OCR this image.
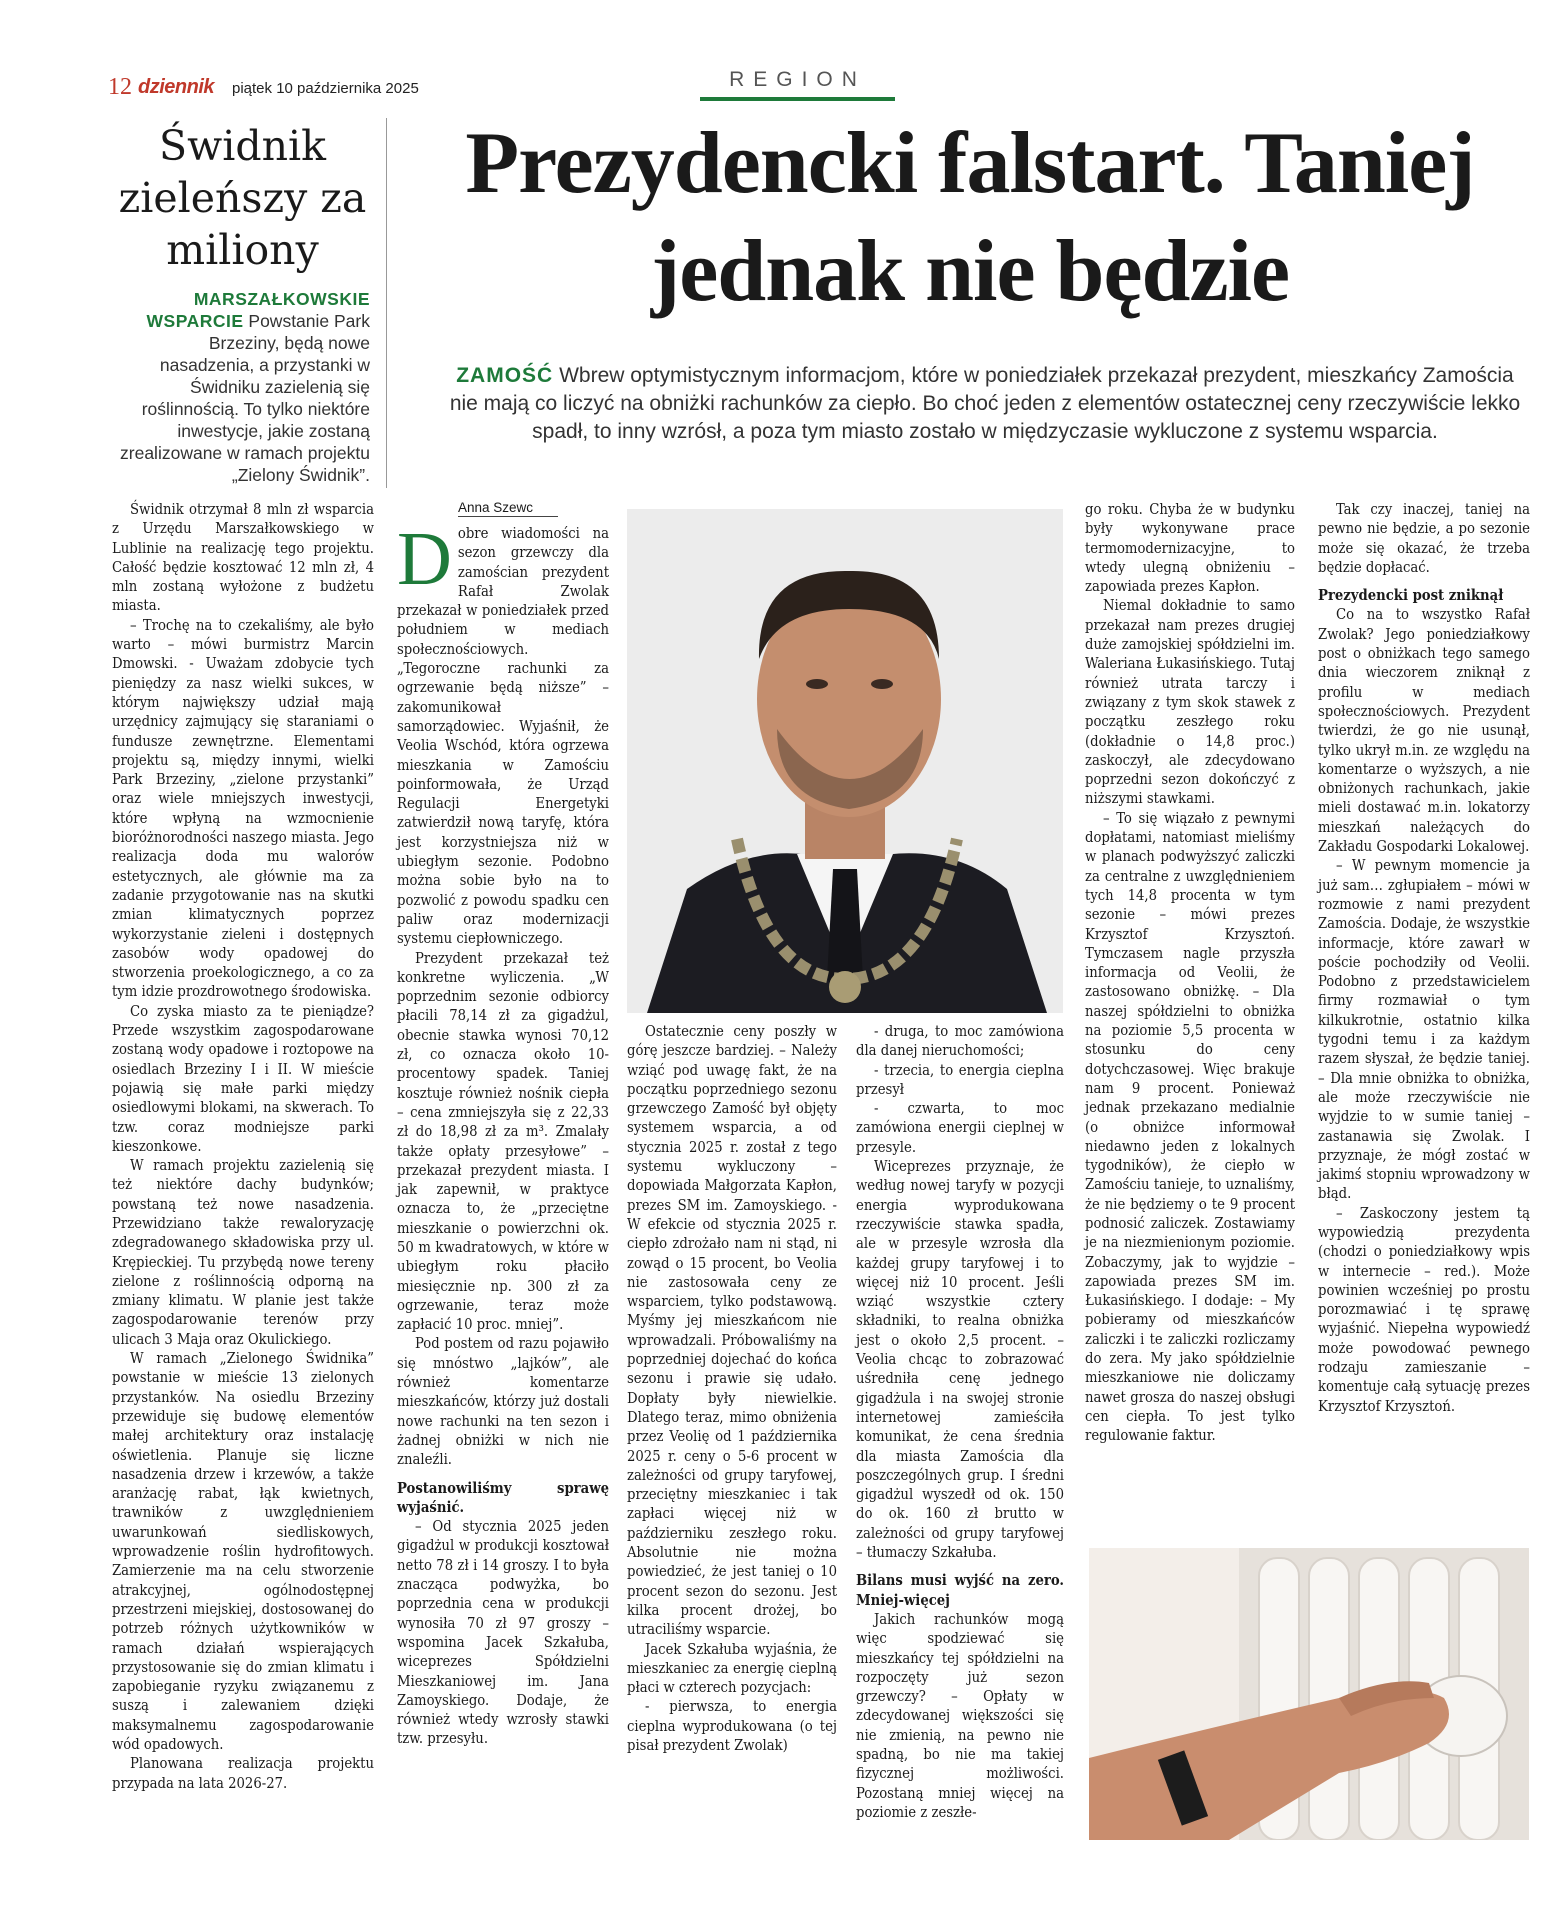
12 dziennik piątek 10 października 2025	REGION
Świdnik zieleńszy za miliony
MARSZAŁKOWSKIE WSPARCIE Powstanie Park Brzeziny, będą nowe nasadzenia, a przystanki w Świdniku zazielenią się roślinnością. To tylko niektóre inwestycje, jakie zostaną zrealizowane w ramach projektu „Zielony Świdnik”.
Prezydencki falstart. Taniej jednak nie będzie
ZAMOŚĆ Wbrew optymistycznym informacjom, które w poniedziałek przekazał prezydent, mieszkańcy Zamościa nie mają co liczyć na obniżki rachunków za ciepło. Bo choć jeden z elementów ostatecznej ceny rzeczywiście lekko spadł, to inny wzrósł, a poza tym miasto zostało w międzyczasie wykluczone z systemu wsparcia.

Świdnik otrzymał 8 mln zł wsparcia z Urzędu Marszałkowskiego w Lublinie na realizację tego projektu. Całość będzie kosztować 12 mln zł, 4 mln zostaną wyłożone z budżetu miasta.

– Trochę na to czekaliśmy, ale było warto – mówi burmistrz Marcin Dmowski. - Uważam zdobycie tych pieniędzy za nasz wielki sukces, w którym największy udział mają urzędnicy zajmujący się staraniami o fundusze zewnętrzne. Elementami projektu są, między innymi, wielki Park Brzeziny, „zielone przystanki” oraz wiele mniejszych inwestycji, które wpłyną na wzmocnienie bioróżnorodności naszego miasta. Jego realizacja doda mu walorów estetycznych, ale głównie ma za zadanie przygotowanie nas na skutki zmian klimatycznych poprzez wykorzystanie zieleni i dostępnych zasobów wody opadowej do stworzenia proekologicznego, a co za tym idzie prozdrowotnego środowiska.

Co zyska miasto za te pieniądze? Przede wszystkim zagospodarowane zostaną wody opadowe i roztopowe na osiedlach Brzeziny I i II. W mieście pojawią się małe parki między osiedlowymi blokami, na skwerach. To tzw. coraz modniejsze parki kieszonkowe.

W ramach projektu zazielenią się też niektóre dachy budynków; powstaną też nowe nasadzenia. Przewidziano także rewaloryzację zdegradowanego składowiska przy ul. Krępieckiej. Tu przybędą nowe tereny zielone z roślinnością odporną na zmiany klimatu. W planie jest także zagospodarowanie terenów przy ulicach 3 Maja oraz Okulickiego.

W ramach „Zielonego Świdnika” powstanie w mieście 13 zielonych przystanków. Na osiedlu Brzeziny przewiduje się budowę elementów małej architektury oraz instalację oświetlenia. Planuje się liczne nasadzenia drzew i krzewów, a także aranżację rabat, łąk kwietnych, trawników z uwzględnieniem uwarunkowań siedliskowych, wprowadzenie roślin hydrofitowych. Zamierzenie ma na celu stworzenie atrakcyjnej, ogólnodostępnej przestrzeni miejskiej, dostosowanej do potrzeb różnych użytkowników w ramach działań wspierających przystosowanie się do zmian klimatu i zapobieganie ryzyku związanemu z suszą i zalewaniem dzięki maksymalnemu zagospodarowanie wód opadowych.

Planowana realizacja projektu przypada na lata 2026-27.

Anna Szewc

Dobre wiadomości na sezon grzewczy dla zamościan prezydent Rafał Zwolak przekazał w poniedziałek przed południem w mediach społecznościowych. „Tegoroczne rachunki za ogrzewanie będą niższe” – zakomunikował samorządowiec. Wyjaśnił, że Veolia Wschód, która ogrzewa mieszkania w Zamościu poinformowała, że Urząd Regulacji Energetyki zatwierdził nową taryfę, która jest korzystniejsza niż w ubiegłym sezonie. Podobno można sobie było na to pozwolić z powodu spadku cen paliw oraz modernizacji systemu ciepłowniczego.

Prezydent przekazał też konkretne wyliczenia. „W poprzednim sezonie odbiorcy płacili 78,14 zł za gigadżul, obecnie stawka wynosi 70,12 zł, co oznacza około 10-procentowy spadek. Taniej kosztuje również nośnik ciepła – cena zmniejszyła się z 22,33 zł do 18,98 zł za m³. Zmalały także opłaty przesyłowe” – przekazał prezydent miasta. I jak zapewnił, w praktyce oznacza to, że „przeciętne mieszkanie o powierzchni ok. 50 m kwadratowych, w które w ubiegłym roku płaciło miesięcznie np. 300 zł za ogrzewanie, teraz może zapłacić 10 proc. mniej”.

Pod postem od razu pojawiło się mnóstwo „lajków”, ale również komentarze mieszkańców, którzy już dostali nowe rachunki na ten sezon i żadnej obniżki w nich nie znaleźli.

Postanowiliśmy sprawę wyjaśnić.

– Od stycznia 2025 jeden gigadżul w produkcji kosztował netto 78 zł i 14 groszy. I to była znacząca podwyżka, bo poprzednia cena w produkcji wynosiła 70 zł 97 groszy – wspomina Jacek Szkałuba, wiceprezes Spółdzielni Mieszkaniowej im. Jana Zamoyskiego. Dodaje, że również wtedy wzrosły stawki tzw. przesyłu.

Ostatecznie ceny poszły w górę jeszcze bardziej. – Należy wziąć pod uwagę fakt, że na początku poprzedniego sezonu grzewczego Zamość był objęty systemem wsparcia, a od stycznia 2025 r. został z tego systemu wykluczony – dopowiada Małgorzata Kapłon, prezes SM im. Zamoyskiego. - W efekcie od stycznia 2025 r. ciepło zdrożało nam ni stąd, ni zowąd o 15 procent, bo Veolia nie zastosowała ceny ze wsparciem, tylko podstawową. Myśmy jej mieszkańcom nie wprowadzali. Próbowaliśmy na poprzedniej dojechać do końca sezonu i prawie się udało. Dopłaty były niewielkie. Dlatego teraz, mimo obniżenia przez Veolię od 1 października 2025 r. ceny o 5-6 procent w zależności od grupy taryfowej, przeciętny mieszkaniec i tak zapłaci więcej niż w październiku zeszłego roku. Absolutnie nie można powiedzieć, że jest taniej o 10 procent sezon do sezonu. Jest kilka procent drożej, bo utraciliśmy wsparcie.

Jacek Szkałuba wyjaśnia, że mieszkaniec za energię cieplną płaci w czterech pozycjach:

- pierwsza, to energia cieplna wyprodukowana (o tej pisał prezydent Zwolak)

- druga, to moc zamówiona dla danej nieruchomości;

- trzecia, to energia cieplna przesył

- czwarta, to moc zamówiona energii cieplnej w przesyle.

Wiceprezes przyznaje, że według nowej taryfy w pozycji energia wyprodukowana rzeczywiście stawka spadła, ale w przesyle wzrosła dla każdej grupy taryfowej i to więcej niż 10 procent. Jeśli wziąć wszystkie cztery składniki, to realna obniżka jest o około 2,5 procent. – Veolia chcąc to zobrazować uśredniła cenę jednego gigadżula i na swojej stronie internetowej zamieściła komunikat, że cena średnia dla miasta Zamościa dla poszczególnych grup. I średni gigadżul wyszedł od ok. 150 do ok. 160 zł brutto w zależności od grupy taryfowej – tłumaczy Szkałuba.

Bilans musi wyjść na zero. Mniej-więcej

Jakich rachunków mogą więc spodziewać się mieszkańcy tej spółdzielni na rozpoczęty już sezon grzewczy? – Opłaty w zdecydowanej większości się nie zmienią, na pewno nie spadną, bo nie ma takiej fizycznej możliwości. Pozostaną mniej więcej na poziomie z zeszłe-

go roku. Chyba że w budynku były wykonywane prace termomodernizacyjne, to wtedy ulegną obniżeniu – zapowiada prezes Kapłon.

Niemal dokładnie to samo przekazał nam prezes drugiej duże zamojskiej spółdzielni im. Waleriana Łukasińskiego. Tutaj również utrata tarczy i związany z tym skok stawek z początku zeszłego roku (dokładnie o 14,8 proc.) zaskoczył, ale zdecydowano poprzedni sezon dokończyć z niższymi stawkami.

– To się wiązało z pewnymi dopłatami, natomiast mieliśmy w planach podwyższyć zaliczki za centralne z uwzględnieniem tych 14,8 procenta w tym sezonie – mówi prezes Krzysztof Krzysztoń. Tymczasem nagle przyszła informacja od Veolii, że zastosowano obniżkę. – Dla naszej spółdzielni to obniżka na poziomie 5,5 procenta w stosunku do ceny dotychczasowej. Więc brakuje nam 9 procent. Ponieważ jednak przekazano medialnie (o obniżce informował niedawno jeden z lokalnych tygodników), że ciepło w Zamościu tanieje, to uznaliśmy, że nie będziemy o te 9 procent podnosić zaliczek. Zostawiamy je na niezmienionym poziomie. Zobaczymy, jak to wyjdzie – zapowiada prezes SM im. Łukasińskiego. I dodaje: – My pobieramy od mieszkańców zaliczki i te zaliczki rozliczamy do zera. My jako spółdzielnie mieszkaniowe nie doliczamy nawet grosza do naszej obsługi cen ciepła. To jest tylko regulowanie faktur.

Tak czy inaczej, taniej na pewno nie będzie, a po sezonie może się okazać, że trzeba będzie dopłacać.

Prezydencki post zniknął

Co na to wszystko Rafał Zwolak? Jego poniedziałkowy post o obniżkach tego samego dnia wieczorem zniknął z profilu w mediach społecznościowych. Prezydent twierdzi, że go nie usunął, tylko ukrył m.in. ze względu na komentarze o wyższych, a nie obniżonych rachunkach, jakie mieli dostawać m.in. lokatorzy mieszkań należących do Zakładu Gospodarki Lokalowej.

– W pewnym momencie ja już sam… zgłupiałem – mówi w rozmowie z nami prezydent Zamościa. Dodaje, że wszystkie informacje, które zawarł w poście pochodziły od Veolii. Podobno z przedstawicielem firmy rozmawiał o tym kilkukrotnie, ostatnio kilka tygodni temu i za każdym razem słyszał, że będzie taniej. – Dla mnie obniżka to obniżka, ale może rzeczywiście nie wyjdzie to w sumie taniej – zastanawia się Zwolak. I przyznaje, że mógł zostać w jakimś stopniu wprowadzony w błąd.

– Zaskoczony jestem tą wypowiedzią prezydenta (chodzi o poniedziałkowy wpis w internecie – red.). Może powinien wcześniej po prostu porozmawiać i tę sprawę wyjaśnić. Niepełna wypowiedź może powodować pewnego rodzaju zamieszanie – komentuje całą sytuację prezes Krzysztof Krzysztoń.
